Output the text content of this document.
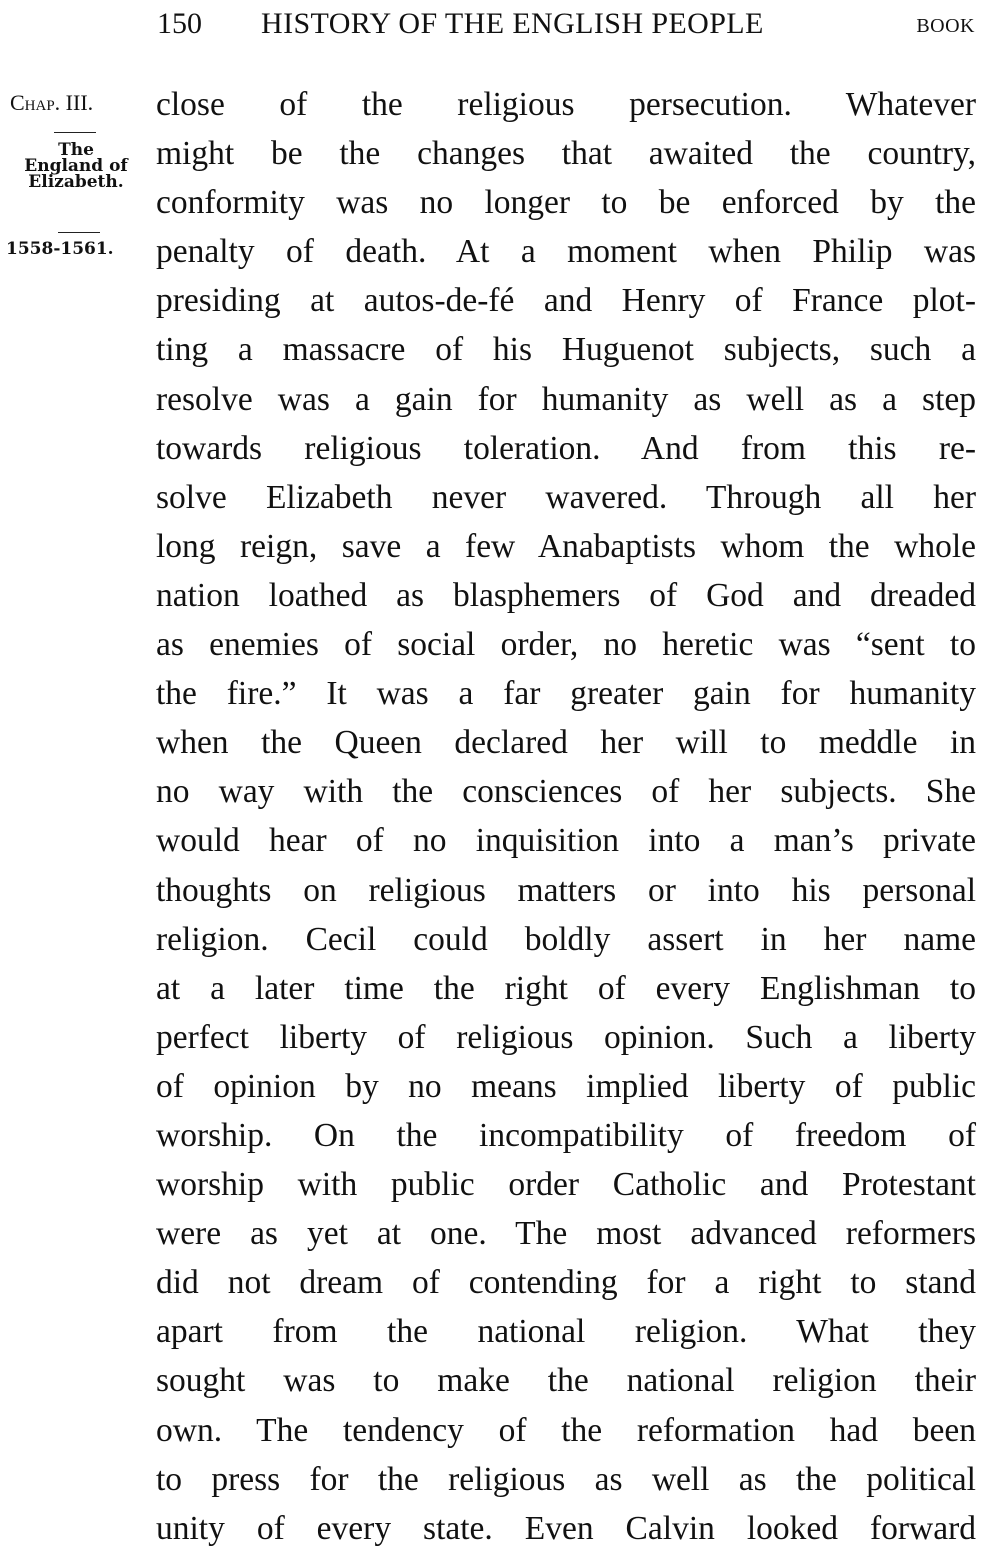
150 HISTORY OF THE ENGLISH PEOPLE	BOOK
Chap. III.
The
England of
Elizabeth.
1558-1561.
close of the religious persecution. Whatever
might be the changes that awaited the country,
conformity was no longer to be enforced by the
penalty of death. At a moment when Philip was
presiding at autos-de-fé and Henry of France plot-
ting a massacre of his Huguenot subjects, such a
resolve was a gain for humanity as well as a step
towards religious toleration. And from this re-
solve Elizabeth never wavered. Through all her
long reign, save a few Anabaptists whom the whole
nation loathed as blasphemers of God and dreaded
as enemies of social order, no heretic was “sent to
the fire.” It was a far greater gain for humanity
when the Queen declared her will to meddle in
no way with the consciences of her subjects. She
would hear of no inquisition into a man’s private
thoughts on religious matters or into his personal
religion. Cecil could boldly assert in her name
at a later time the right of every Englishman to
perfect liberty of religious opinion. Such a liberty
of opinion by no means implied liberty of public
worship. On the incompatibility of freedom of
worship with public order Catholic and Protestant
were as yet at one. The most advanced reformers
did not dream of contending for a right to stand
apart from the national religion. What they
sought was to make the national religion their
own. The tendency of the reformation had been
to press for the religious as well as the political
unity of every state. Even Calvin looked forward
